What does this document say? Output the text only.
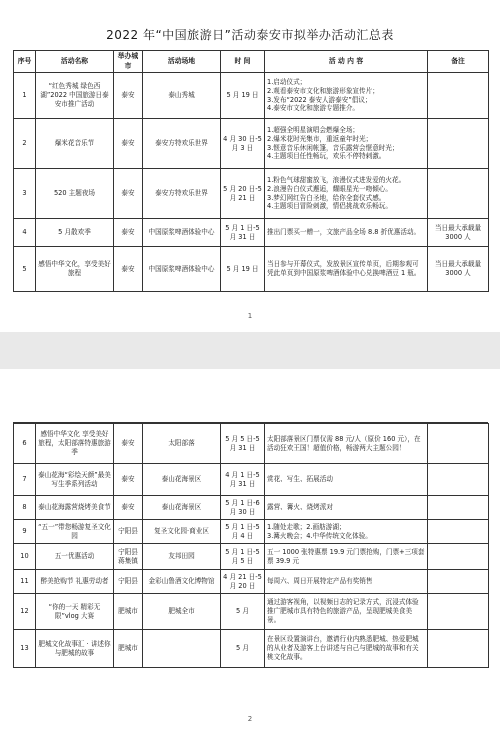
2022 年“中国旅游日”活动泰安市拟举办活动汇总表
序号	活动名称	举办城市	活动场地	时 间	活 动 内 容	备注
1	“红色秀城 绿色西湖”2022 中国旅游日泰安市推广活动	泰安	泰山秀城	5 月 19 日	1.启动仪式；
2.观看泰安市文化和旅游形象宣传片；
3.发布“2022 泰安人游泰安”倡议；
4.泰安市文化和旅游专题推介。	

2	爆米花音乐节	泰安	泰安方特欢乐世界	4 月 30 日-5 月 3 日	1.超强全明星演唱会燃爆全场；
2.爆米花时光集市，重返童年时光；
3.惬意音乐休闲帐篷，音乐露营会惬意时光；
4.主题项目任性畅玩，欢乐不停特刺激。	

3	520 主题夜场	泰安	泰安方特欢乐世界	5 月 20 日-5 月 21 日	1.粉色气球甜蜜放飞，浪漫仪式进发爱的火花。
2.浪漫告白仪式邂逅，耀眼星光一吻倾心。
3.梦幻网红告白圣地，给你全套仪式感。
4.主题项目冒险刺激，情侣挑战欢乐畅玩。	

4	5 月散欢季	泰安	中国原浆啤酒体验中心	5 月 1 日-5 月 31 日	推出门票买一赠一，文旅产品全场 8.8 折优惠活动。	当日最大承载量 3000 人
5	感悟中华文化，享受美好旅程	泰安	中国原浆啤酒体验中心	5 月 19 日	当日参与开幕仪式，发放景区宣传单页，后期参观可凭此单页到中国原浆啤酒体验中心兑换啤酒豆 1 瓶。	当日最大承载量 3000 人
1
6	感悟中华文化 享受美好旅程，太阳部落特惠旅游季	泰安	太阳部落	5 月 5 日-5 月 31 日	太阳部落景区门票仅需 88 元/人（原价 160 元），在活动狂欢王国！超值价格，畅游两大主题公园！	

7	泰山花海“彩绘天颜”最美写生季系列活动	泰安	泰山花海景区	4 月 1 日-5 月 31 日	赏花、写生、拓展活动	

8	泰山花海露营烧烤美食节	泰安	泰山花海景区	5 月 1 日-6 月 30 日	露营、篝火、烧烤派对	

9	“五一”带您畅游复圣文化园	宁阳县	复圣文化园·商业区	5 月 1 日-5 月 4 日	1.随处走歌；2.画舫游湖；
3.篝火晚会；4.中华传统文化体验。	

10	五一优惠活动	宁阳县蒋集镇	友邦田园	5 月 1 日-5 月 5 日	五一 1000 张特惠票 19.9 元门票抢购，门票+三项套票 39.9 元	

11	醉美抢购节 礼惠劳动者	宁阳县	金彩山鲁酒文化博物馆	4 月 21 日-5 月 20 日	每周六、周日开展特定产品有奖销售	

12	“你的一天 精彩无限”vlog 大赛	肥城市	肥城全市	5 月	通过游客视角，以视频日志的记录方式，沉浸式体验推广肥城市具有特色的旅游产品，呈现肥城美食美景。	

13	肥城文化故事汇 · 讲述你与肥城的故事	肥城市		5 月	在景区设置演讲台，邀请行业内熟悉肥城、热爱肥城的从业者及游客上台讲述与自己与肥城的故事和有关桃文化故事。	

2
